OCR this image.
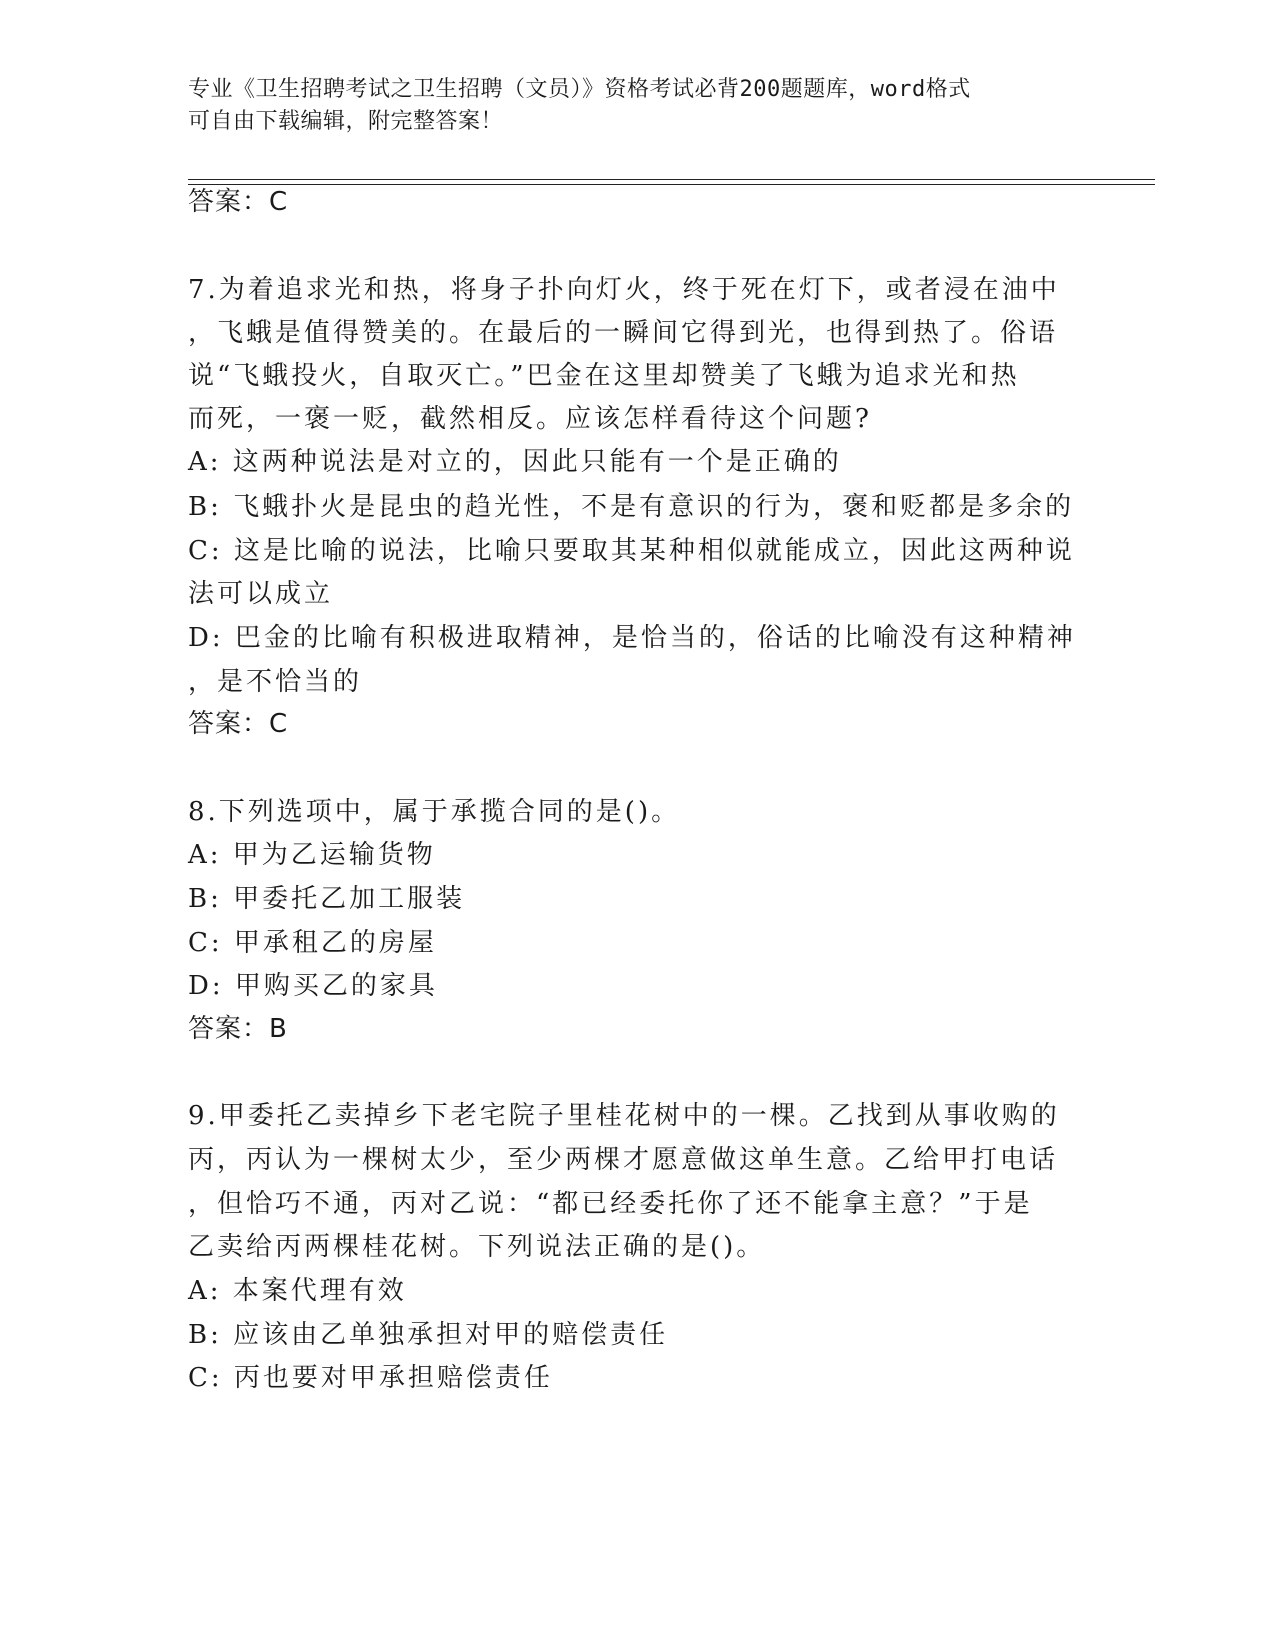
专业《卫生招聘考试之卫生招聘（文员）》资格考试必背200题题库，word格式

可自由下载编辑，附完整答案！

答案：C

7.为着追求光和热，将身子扑向灯火，终于死在灯下，或者浸在油中

，飞蛾是值得赞美的。在最后的一瞬间它得到光，也得到热了。俗语

说“飞蛾投火，自取灭亡。”巴金在这里却赞美了飞蛾为追求光和热

而死，一褒一贬，截然相反。应该怎样看待这个问题?

A: 这两种说法是对立的，因此只能有一个是正确的

B: 飞蛾扑火是昆虫的趋光性，不是有意识的行为，褒和贬都是多余的

C: 这是比喻的说法，比喻只要取其某种相似就能成立，因此这两种说

法可以成立

D: 巴金的比喻有积极进取精神，是恰当的，俗话的比喻没有这种精神

，是不恰当的

答案：C

8.下列选项中，属于承揽合同的是()。

A: 甲为乙运输货物

B: 甲委托乙加工服装

C: 甲承租乙的房屋

D: 甲购买乙的家具

答案：B

9.甲委托乙卖掉乡下老宅院子里桂花树中的一棵。乙找到从事收购的

丙，丙认为一棵树太少，至少两棵才愿意做这单生意。乙给甲打电话

，但恰巧不通，丙对乙说：“都已经委托你了还不能拿主意？”于是

乙卖给丙两棵桂花树。下列说法正确的是()。

A: 本案代理有效

B: 应该由乙单独承担对甲的赔偿责任

C: 丙也要对甲承担赔偿责任
